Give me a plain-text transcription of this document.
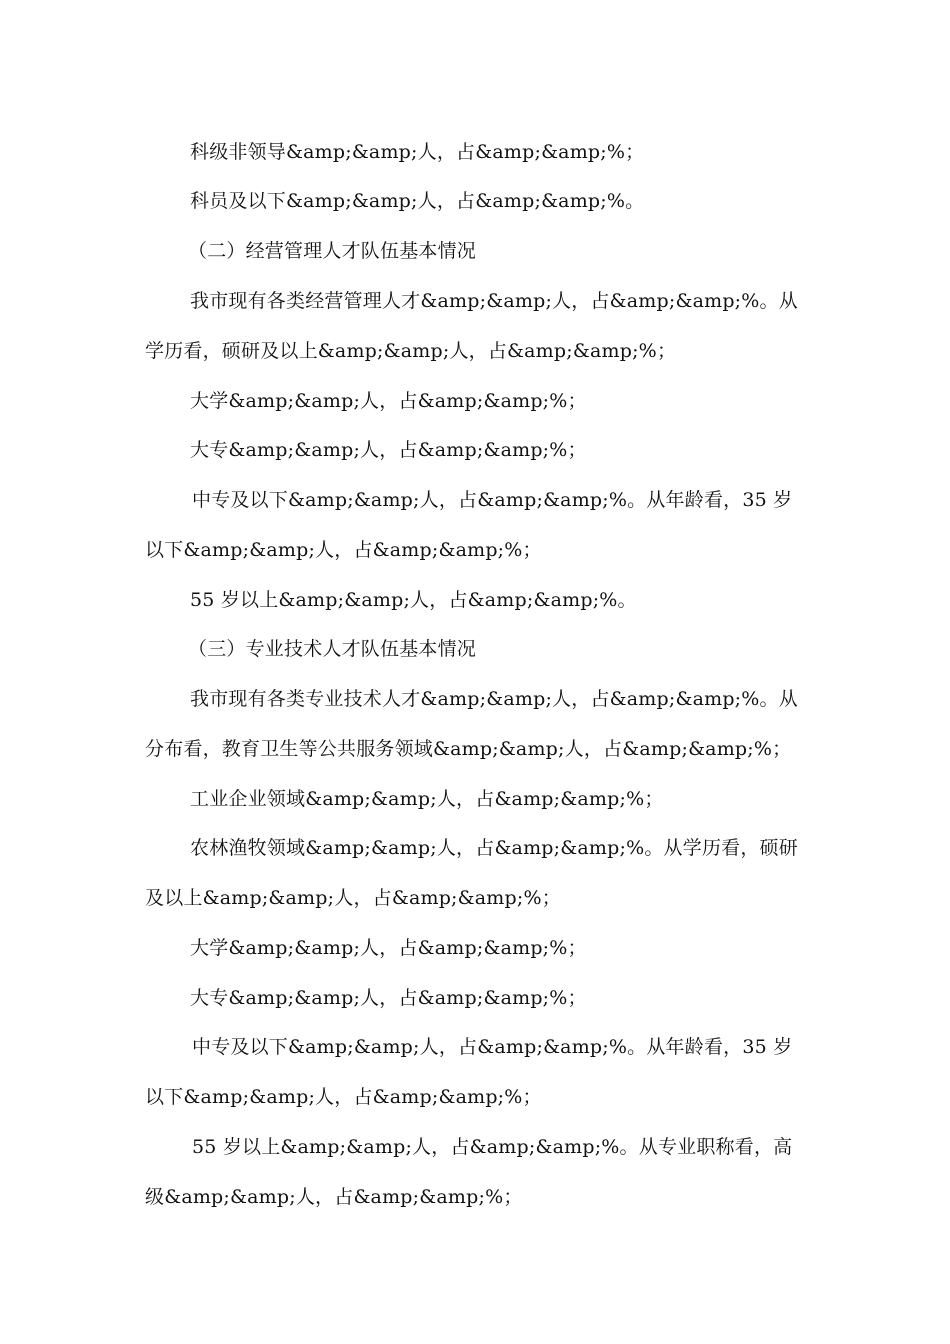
科级非领导&amp;&amp;人，占&amp;&amp;%；
科员及以下&amp;&amp;人，占&amp;&amp;%。
（二）经营管理人才队伍基本情况
我市现有各类经营管理人才&amp;&amp;人，占&amp;&amp;%。从
学历看，硕研及以上&amp;&amp;人，占&amp;&amp;%；
大学&amp;&amp;人，占&amp;&amp;%；
大专&amp;&amp;人，占&amp;&amp;%；
中专及以下&amp;&amp;人，占&amp;&amp;%。从年龄看，35 岁
以下&amp;&amp;人，占&amp;&amp;%；
55 岁以上&amp;&amp;人，占&amp;&amp;%。
（三）专业技术人才队伍基本情况
我市现有各类专业技术人才&amp;&amp;人，占&amp;&amp;%。从
分布看，教育卫生等公共服务领域&amp;&amp;人，占&amp;&amp;%；
工业企业领域&amp;&amp;人，占&amp;&amp;%；
农林渔牧领域&amp;&amp;人，占&amp;&amp;%。从学历看，硕研
及以上&amp;&amp;人，占&amp;&amp;%；
大学&amp;&amp;人，占&amp;&amp;%；
大专&amp;&amp;人，占&amp;&amp;%；
中专及以下&amp;&amp;人，占&amp;&amp;%。从年龄看，35 岁
以下&amp;&amp;人，占&amp;&amp;%；
55 岁以上&amp;&amp;人，占&amp;&amp;%。从专业职称看，高
级&amp;&amp;人，占&amp;&amp;%；
